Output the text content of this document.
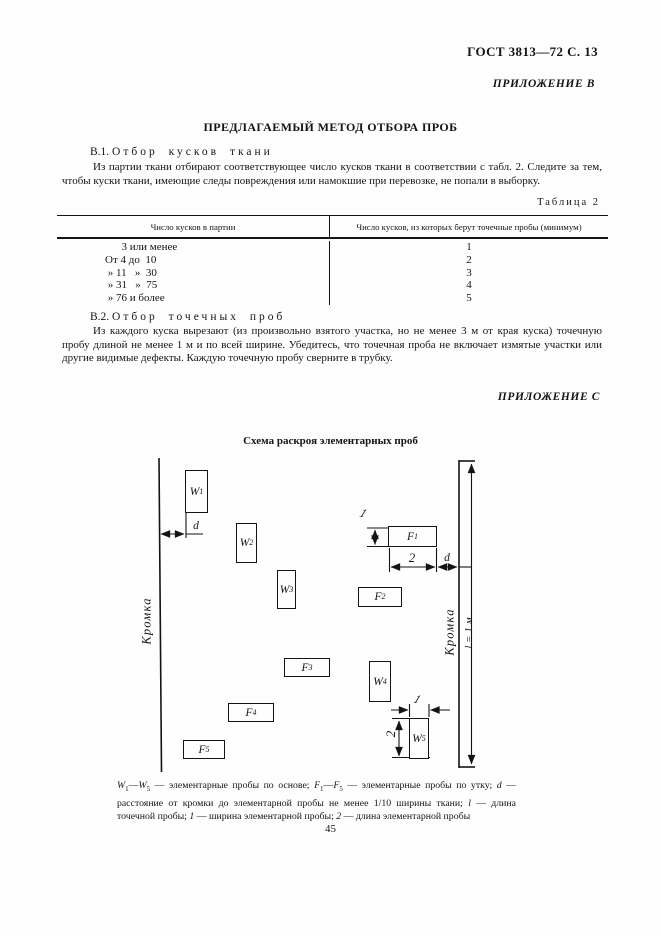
ГОСТ 3813—72 С. 13
ПРИЛОЖЕНИЕ В
ПРЕДЛАГАЕМЫЙ МЕТОД ОТБОРА ПРОБ
В.1. Отбор кусков ткани
Из партии ткани отбирают соответствующее число кусков ткани в соответствии с табл. 2. Следите за тем, чтобы куски ткани, имеющие следы повреждения или намокшие при перевозке, не попали в выборку.
Таблица 2
Число кусков в партии	Число кусков, из которых берут точечные пробы (минимум)
3 или менее	1
От 4 до  10	2
» 11   »  30	3
» 31   »  75	4
» 76 и более	5
В.2. Отбор точечных проб
Из каждого куска вырезают (из произвольно взятого участка, но не менее 3 м от края куска) точечную пробу длиной не менее 1 м и по всей ширине. Убедитесь, что точечная проба не включает измятые участки или другие видимые дефекты. Каждую точечную пробу сверните в трубку.
ПРИЛОЖЕНИЕ С
Схема раскроя элементарных проб
W 1
W 2
W 3
W 4
W 5
F 1
F 2
F 3
F 4
F 5
d
1
2	d
1
2
l = 1 м
Кромка	Кромка
$W_1—W_5$ — элементарные пробы по основе; $F_1—F_5$ — элементарные пробы по утку; d — расстояние от кромки до элементарной пробы не менее 1/10 ширины ткани; l — длина точечной пробы; 1 — ширина элементарной пробы; 2 — длина элементарной пробы
45
